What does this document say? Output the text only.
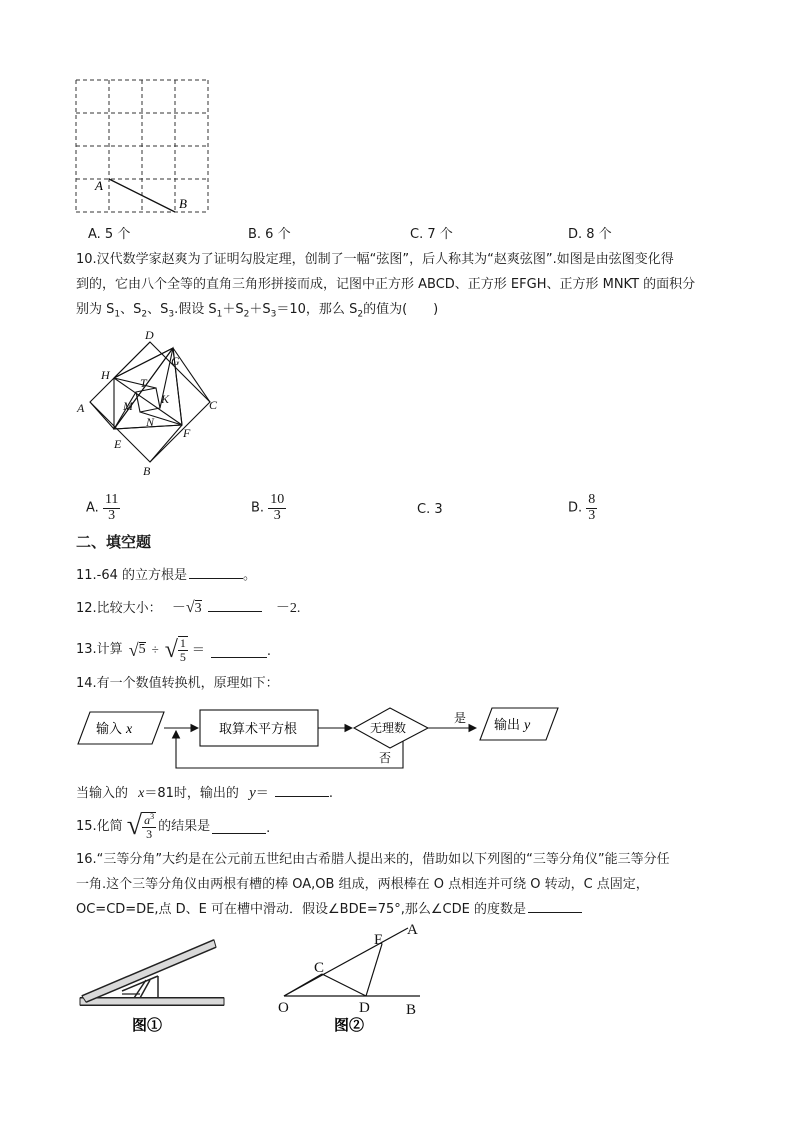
A
B
A. 5 个	B. 6 个	C. 7 个	D. 8 个
10.汉代数学家赵爽为了证明勾股定理，创制了一幅“弦图”，后人称其为“赵爽弦图”.如图是由弦图变化得
到的，它由八个全等的直角三角形拼接而成，记图中正方形 ABCD、正方形 EFGH、正方形 MNKT 的面积分
别为 $S_1$、$S_2$、$S_3$.假设 $S_1+S_2+S_3=10$，那么 $S_2$的值为(　　)
D
G
H
T
A	C
M K
N
F
E
B
A. $\frac{11}{3}$	B. $\frac{10}{3}$	C. 3	D. $\frac{8}{3}$
二、填空题
11.-64 的立方根是	。
12.比较大小： －√3	－2.
13.计算 √ 5 ÷ √ $\frac{1}{5}$ ＝	.
14.有一个数值转换机，原理如下：
输入 x	取算术平方根	无理数
是
否
输出 y
当输入的 x＝81时，输出的 y＝	.
15.化简 √ $\frac{a^3}{3}$ 的结果是	.
16.“三等分角”大约是在公元前五世纪由古希腊人提出来的，借助如以下列图的“三等分角仪”能三等分任
一角.这个三等分角仪由两根有槽的棒 OA,OB 组成，两根棒在 O 点相连并可绕 O 转动，C 点固定，
OC=CD=DE,点 D、E 可在槽中滑动．假设∠BDE=75°,那么∠CDE 的度数是
图①
E
A
C
O	D B
图②
